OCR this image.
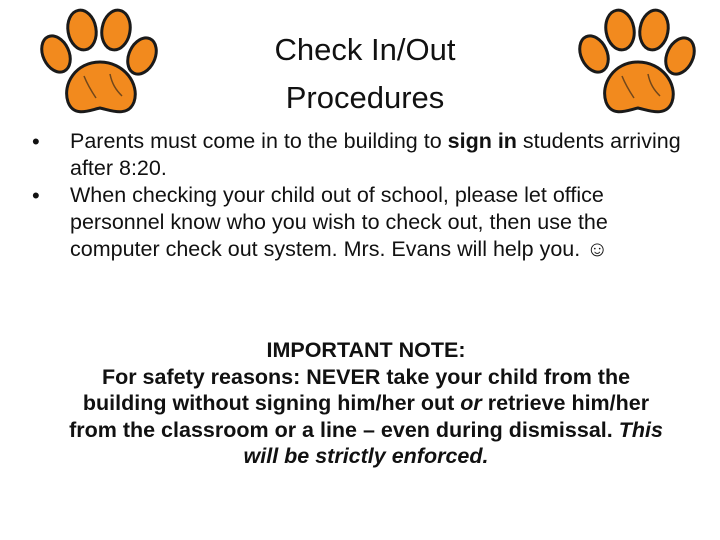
Check In/Out
Procedures
• Parents must come in to the building to sign in students arriving after 8:20.
• When checking your child out of school, please let office personnel know who you wish to check out, then use the computer check out system. Mrs. Evans will help you. ☺

IMPORTANT NOTE:

For safety reasons: NEVER take your child from the building without signing him/her out or retrieve him/her from the classroom or a line – even during dismissal. This will be strictly enforced.
